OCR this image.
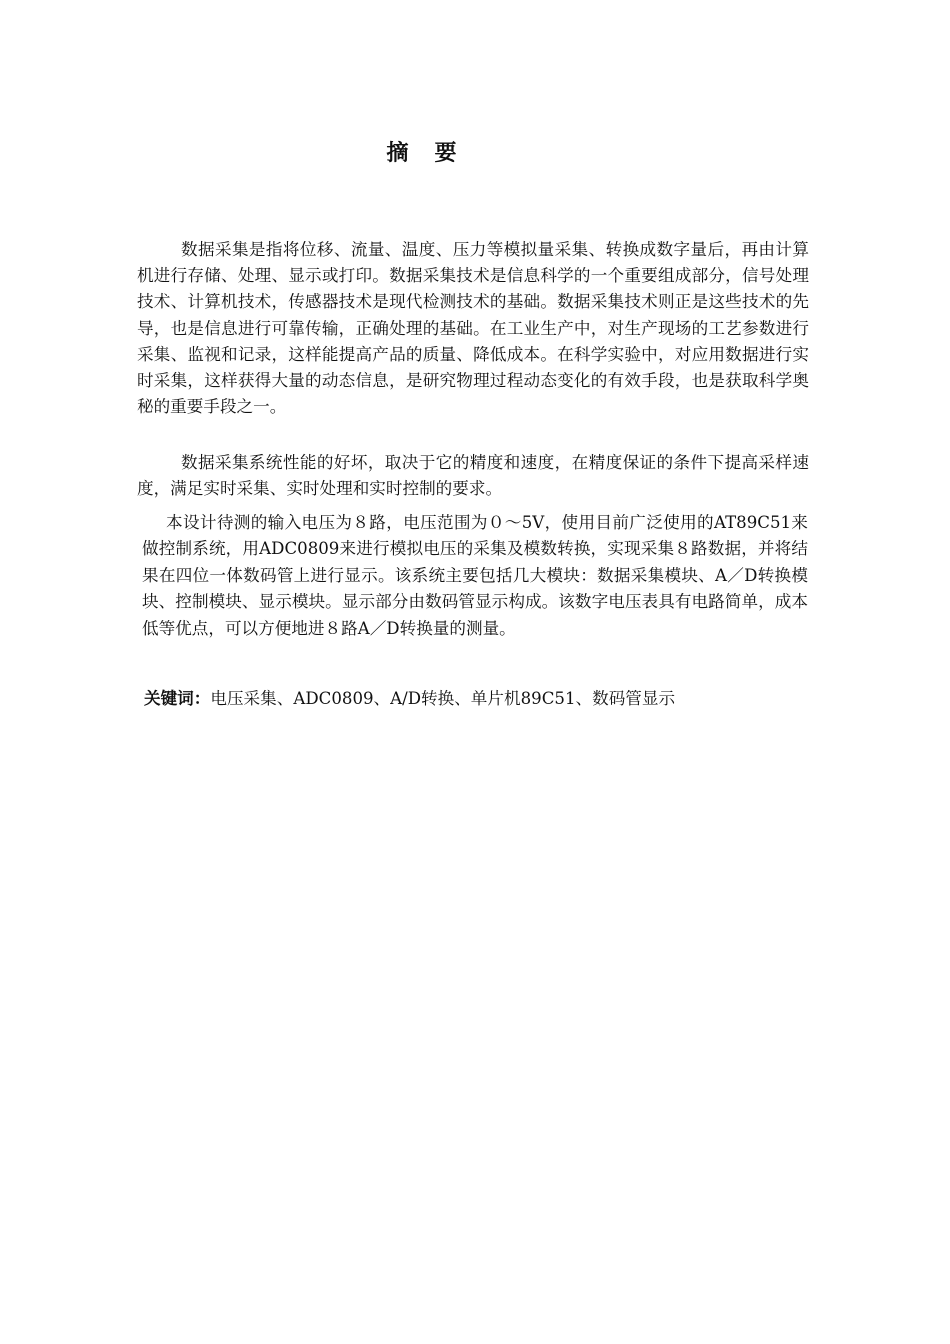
摘　要

数据采集是指将位移、流量、温度、压力等模拟量采集、转换成数字量后，再由计算机进行存储、处理、显示或打印。数据采集技术是信息科学的一个重要组成部分，信号处理技术、计算机技术，传感器技术是现代检测技术的基础。数据采集技术则正是这些技术的先导，也是信息进行可靠传输，正确处理的基础。在工业生产中，对生产现场的工艺参数进行采集、监视和记录，这样能提高产品的质量、降低成本。在科学实验中，对应用数据进行实时采集，这样获得大量的动态信息，是研究物理过程动态变化的有效手段，也是获取科学奥秘的重要手段之一。

数据采集系统性能的好坏，取决于它的精度和速度，在精度保证的条件下提高采样速度，满足实时采集、实时处理和实时控制的要求。

本设计待测的输入电压为８路，电压范围为０～5V，使用目前广泛使用的AT89C51来做控制系统，用ADC0809来进行模拟电压的采集及模数转换，实现采集８路数据，并将结果在四位一体数码管上进行显示。该系统主要包括几大模块：数据采集模块、A／D转换模块、控制模块、显示模块。显示部分由数码管显示构成。该数字电压表具有电路简单，成本低等优点，可以方便地进８路A／D转换量的测量。

关键词：电压采集、ADC0809、A/D转换、单片机89C51、数码管显示
